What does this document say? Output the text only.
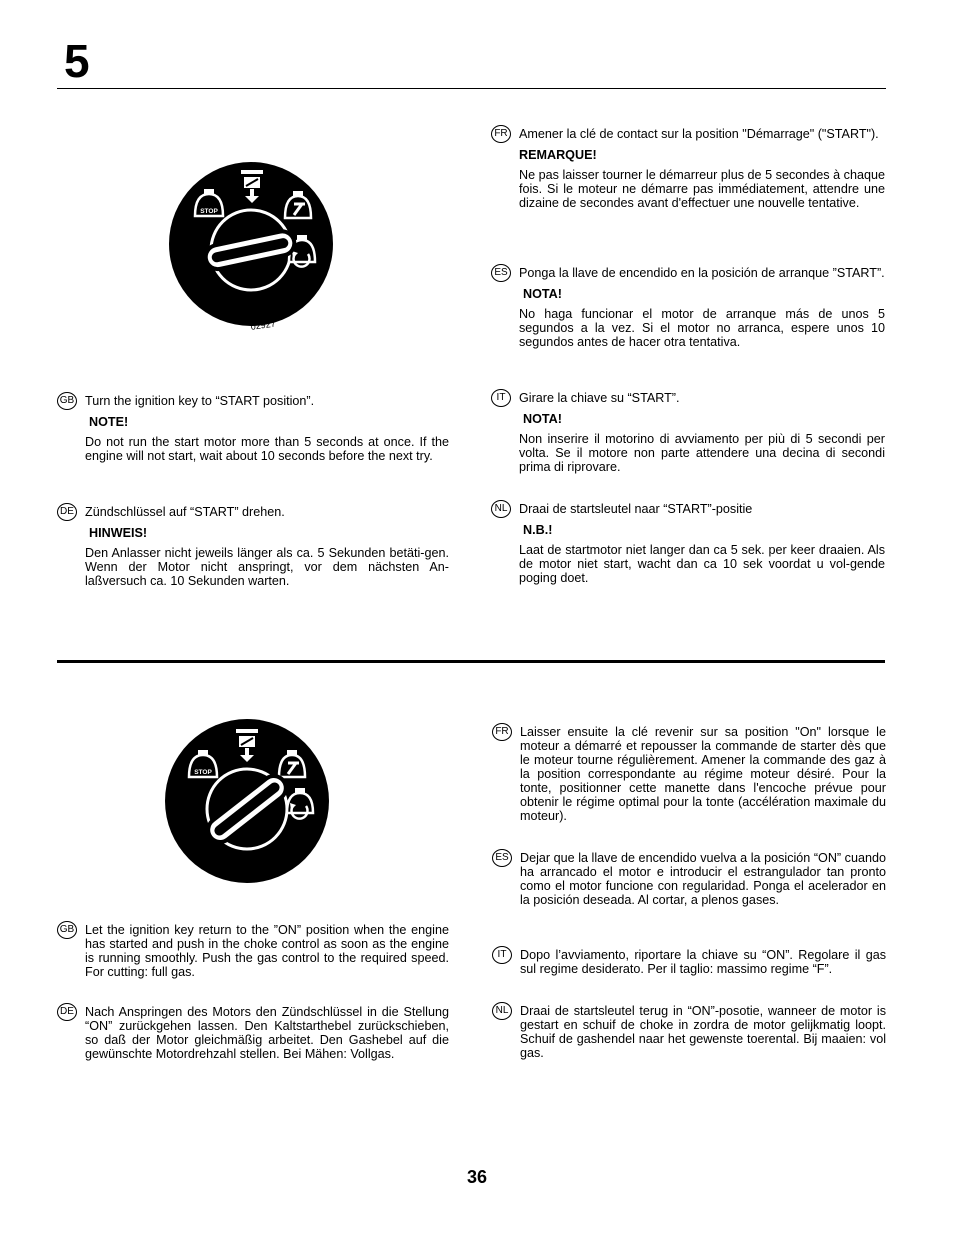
5
STOP
02927
GB Turn the ignition key to “START position”.

NOTE!

Do not run the start motor more than 5 seconds at once. If the engine will not start, wait about 10 seconds before the next try.

DE Zündschlüssel auf “START” drehen.

HINWEIS!

Den Anlasser nicht jeweils länger als ca. 5 Sekunden betäti-gen. Wenn der Motor nicht anspringt, vor dem nächsten An-laßversuch ca. 10 Sekunden warten.

FR Amener la clé de contact sur la position "Démarrage" ("START").

REMARQUE!

Ne pas laisser tourner le démarreur plus de 5 secondes à chaque fois. Si le moteur ne démarre pas immédiatement, attendre une dizaine de secondes avant d'effectuer une nouvelle tentative.

ES Ponga la llave de encendido en la posición de arranque ”START”.

NOTA!

No haga funcionar el motor de arranque más de unos 5 segundos a la vez. Si el motor no arranca, espere unos 10 segundos antes de hacer otra tentativa.

IT	Girare la chiave su “START”.

NOTA!

Non inserire il motorino di avviamento per più di 5 secondi per volta. Se il motore non parte attendere una decina di secondi prima di riprovare.

NL Draai de startsleutel naar “START”-positie

N.B.!

Laat de startmotor niet langer dan ca 5 sek. per keer draaien. Als de motor niet start, wacht dan ca 10 sek voordat u vol-gende poging doet.

STOP
GB Let the ignition key return to the ”ON” position when the engine has started and push in the choke control as soon as the engine is running smoothly. Push the gas control to the required speed. For cutting: full gas.

DE Nach Anspringen des Motors den Zündschlüssel in die Stellung “ON” zurückgehen lassen. Den Kaltstarthebel zurückschieben, so daß der Motor gleichmäßig arbeitet. Den Gashebel auf die gewünschte Motordrehzahl stellen. Bei Mähen: Vollgas.

FR Laisser ensuite la clé revenir sur sa position "On" lorsque le moteur a démarré et repousser la commande de starter dès que le moteur tourne régulièrement. Amener la commande des gaz à la position correspondante au régime moteur désiré. Pour la tonte, positionner cette manette dans l'encoche prévue pour obtenir le régime optimal pour la tonte (accélération maximale du moteur).

ES Dejar que la llave de encendido vuelva a la posición “ON” cuando ha arrancado el motor e introducir el estrangulador tan pronto como el motor funcione con regularidad. Ponga el acelerador en la posición deseada. Al cortar, a plenos gases.

IT	Dopo l’avviamento, riportare la chiave su “ON”. Regolare il gas sul regime desiderato. Per il taglio: massimo regime “F”.

NL Draai de startsleutel terug in “ON”-posotie, wanneer de motor is gestart en schuif de choke in zordra de motor gelijkmatig loopt. Schuif de gashendel naar het gewenste toerental. Bij maaien: vol gas.

36
